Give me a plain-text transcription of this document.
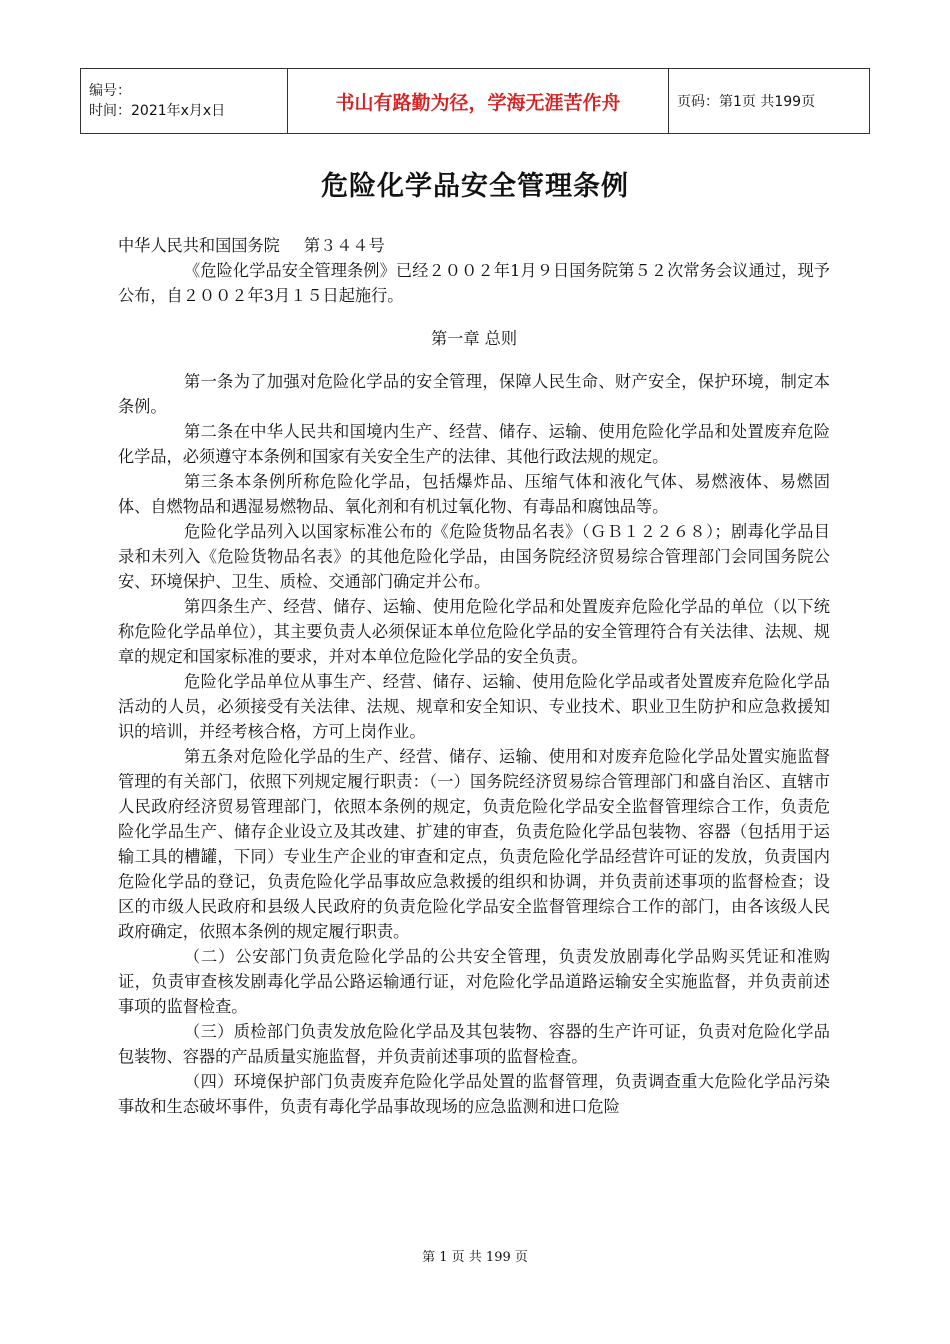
编号：
时间：2021年x月x日	书山有路勤为径，学海无涯苦作舟	页码：第1页 共199页
危险化学品安全管理条例

中华人民共和国国务院 第３４４号

《危险化学品安全管理条例》已经２００２年1月９日国务院第５２次常务会议通过，现予公布，自２００２年3月１５日起施行。

第一章 总则

第一条为了加强对危险化学品的安全管理，保障人民生命、财产安全，保护环境，制定本条例。

第二条在中华人民共和国境内生产、经营、储存、运输、使用危险化学品和处置废弃危险化学品，必须遵守本条例和国家有关安全生产的法律、其他行政法规的规定。

第三条本条例所称危险化学品，包括爆炸品、压缩气体和液化气体、易燃液体、易燃固体、自燃物品和遇湿易燃物品、氧化剂和有机过氧化物、有毒品和腐蚀品等。

危险化学品列入以国家标准公布的《危险货物品名表》（ＧＢ１２２６８）；剧毒化学品目录和未列入《危险货物品名表》的其他危险化学品，由国务院经济贸易综合管理部门会同国务院公安、环境保护、卫生、质检、交通部门确定并公布。

第四条生产、经营、储存、运输、使用危险化学品和处置废弃危险化学品的单位（以下统称危险化学品单位），其主要负责人必须保证本单位危险化学品的安全管理符合有关法律、法规、规章的规定和国家标准的要求，并对本单位危险化学品的安全负责。

危险化学品单位从事生产、经营、储存、运输、使用危险化学品或者处置废弃危险化学品活动的人员，必须接受有关法律、法规、规章和安全知识、专业技术、职业卫生防护和应急救援知识的培训，并经考核合格，方可上岗作业。

第五条对危险化学品的生产、经营、储存、运输、使用和对废弃危险化学品处置实施监督管理的有关部门，依照下列规定履行职责：（一）国务院经济贸易综合管理部门和盛自治区、直辖市人民政府经济贸易管理部门，依照本条例的规定，负责危险化学品安全监督管理综合工作，负责危险化学品生产、储存企业设立及其改建、扩建的审查，负责危险化学品包装物、容器（包括用于运输工具的槽罐，下同）专业生产企业的审查和定点，负责危险化学品经营许可证的发放，负责国内危险化学品的登记，负责危险化学品事故应急救援的组织和协调，并负责前述事项的监督检查；设区的市级人民政府和县级人民政府的负责危险化学品安全监督管理综合工作的部门，由各该级人民政府确定，依照本条例的规定履行职责。

（二）公安部门负责危险化学品的公共安全管理，负责发放剧毒化学品购买凭证和准购证，负责审查核发剧毒化学品公路运输通行证，对危险化学品道路运输安全实施监督，并负责前述事项的监督检查。

（三）质检部门负责发放危险化学品及其包装物、容器的生产许可证，负责对危险化学品包装物、容器的产品质量实施监督，并负责前述事项的监督检查。

（四）环境保护部门负责废弃危险化学品处置的监督管理，负责调查重大危险化学品污染事故和生态破坏事件，负责有毒化学品事故现场的应急监测和进口危险

第 1 页 共 199 页
